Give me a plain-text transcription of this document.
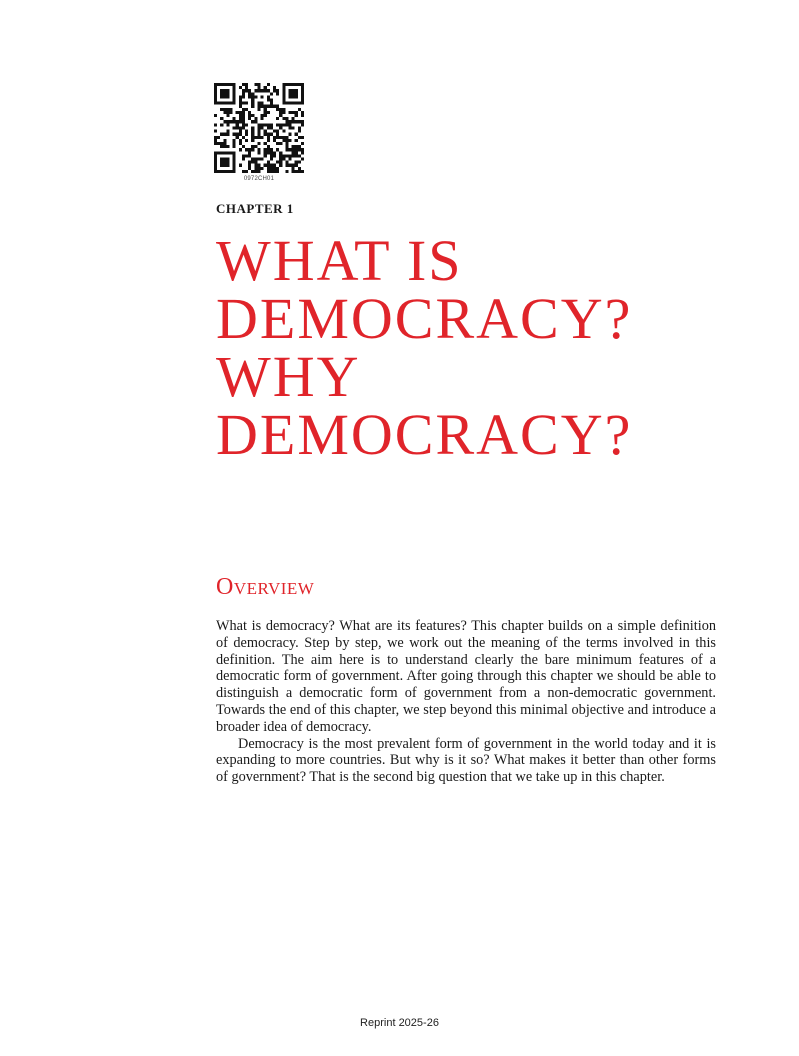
0972CH01
CHAPTER 1
WHAT IS
DEMOCRACY?
WHY
DEMOCRACY?
Overview

What is democracy? What are its features? This chapter builds on a simple definition of democracy. Step by step, we work out the meaning of the terms involved in this definition. The aim here is to understand clearly the bare minimum features of a democratic form of government. After going through this chapter we should be able to distinguish a democratic form of government from a non-democratic government. Towards the end of this chapter, we step beyond this minimal objective and introduce a broader idea of democracy.

Democracy is the most prevalent form of government in the world today and it is expanding to more countries. But why is it so? What makes it better than other forms of government? That is the second big question that we take up in this chapter.

Reprint 2025-26
